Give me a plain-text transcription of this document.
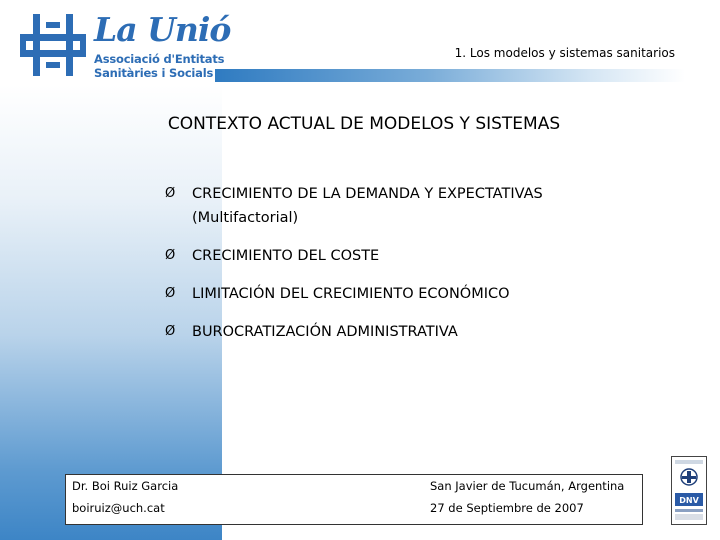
La Unió
Associació d'Entitats
Sanitàries i Socials
1. Los modelos y sistemas sanitarios
CONTEXTO ACTUAL DE MODELOS Y SISTEMAS
Ø CRECIMIENTO DE LA DEMANDA Y EXPECTATIVAS
(Multifactorial)
Ø CRECIMIENTO DEL COSTE
Ø LIMITACIÓN DEL CRECIMIENTO ECONÓMICO
Ø BUROCRATIZACIÓN ADMINISTRATIVA
Dr. Boi Ruiz Garcia
boiruiz@uch.cat
San Javier de Tucumán, Argentina
27 de Septiembre de 2007
DNV
